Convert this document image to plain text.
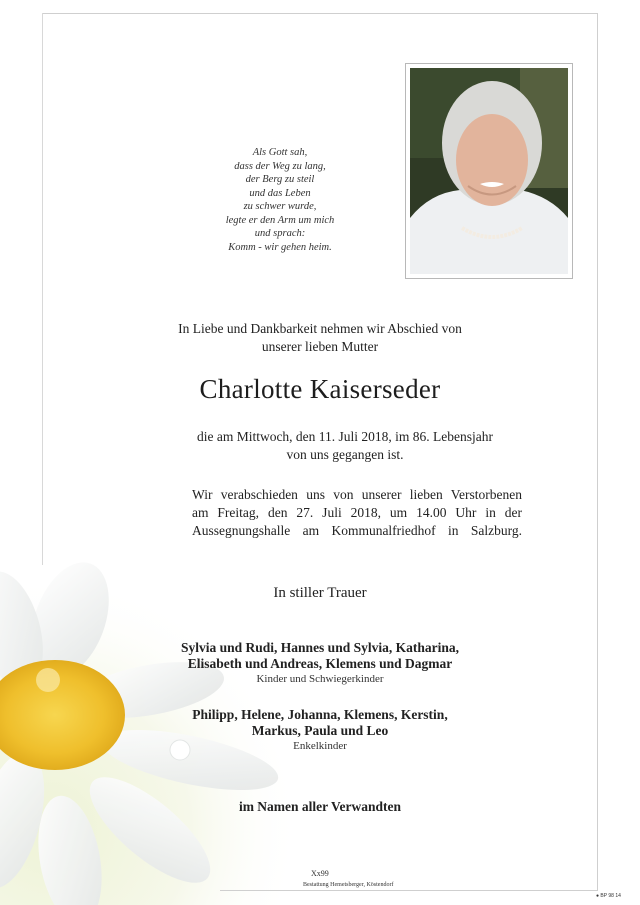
Als Gott sah,
dass der Weg zu lang,
der Berg zu steil
und das Leben
zu schwer wurde,
legte er den Arm um mich
und sprach:
Komm - wir gehen heim.
In Liebe und Dankbarkeit nehmen wir Abschied von
unserer lieben Mutter
Charlotte Kaiserseder
die am Mittwoch, den 11. Juli 2018, im 86. Lebensjahr
von uns gegangen ist.
Wir verabschieden uns von unserer lieben Verstorbenen
am Freitag, den 27. Juli 2018, um 14.00 Uhr in der
Aussegnungshalle am Kommunalfriedhof in Salzburg.
In stiller Trauer
Sylvia und Rudi, Hannes und Sylvia, Katharina,
Elisabeth und Andreas, Klemens und Dagmar
Kinder und Schwiegerkinder
Philipp, Helene, Johanna, Klemens, Kerstin,
Markus, Paula und Leo
Enkelkinder
im Namen aller Verwandten
Xx99
Bestattung Hemetsberger, Köstendorf
● BP 98 14
